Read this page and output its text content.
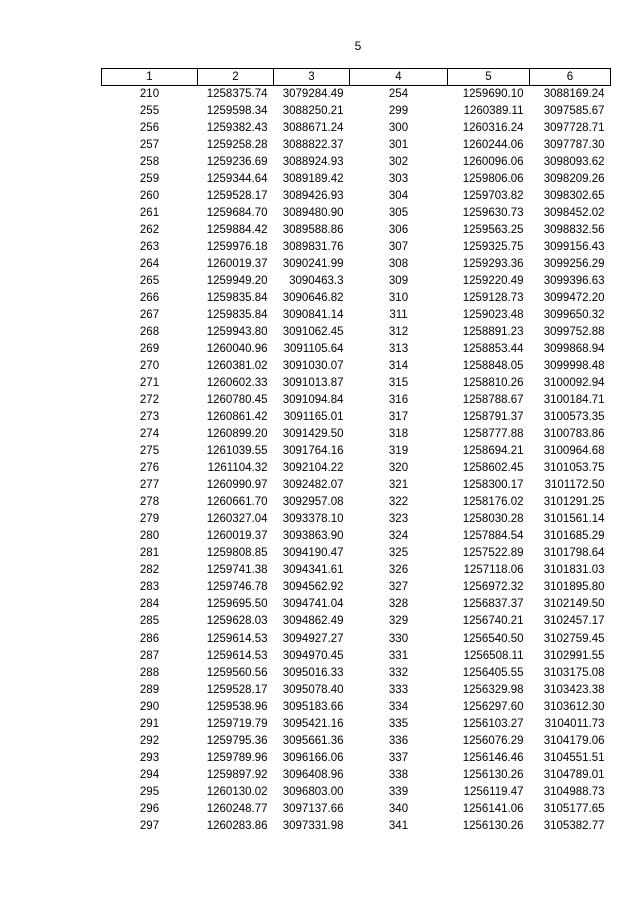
5
1	2	3	4	5	6
210	1258375.74	3079284.49	254	1259690.10	3088169.24
255	1259598.34	3088250.21	299	1260389.11	3097585.67
256	1259382.43	3088671.24	300	1260316.24	3097728.71
257	1259258.28	3088822.37	301	1260244.06	3097787.30
258	1259236.69	3088924.93	302	1260096.06	3098093.62
259	1259344.64	3089189.42	303	1259806.06	3098209.26
260	1259528.17	3089426.93	304	1259703.82	3098302.65
261	1259684.70	3089480.90	305	1259630.73	3098452.02
262	1259884.42	3089588.86	306	1259563.25	3098832.56
263	1259976.18	3089831.76	307	1259325.75	3099156.43
264	1260019.37	3090241.99	308	1259293.36	3099256.29
265	1259949.20	3090463.3	309	1259220.49	3099396.63
266	1259835.84	3090646.82	310	1259128.73	3099472.20
267	1259835.84	3090841.14	311	1259023.48	3099650.32
268	1259943.80	3091062.45	312	1258891.23	3099752.88
269	1260040.96	3091105.64	313	1258853.44	3099868.94
270	1260381.02	3091030.07	314	1258848.05	3099998.48
271	1260602.33	3091013.87	315	1258810.26	3100092.94
272	1260780.45	3091094.84	316	1258788.67	3100184.71
273	1260861.42	3091165.01	317	1258791.37	3100573.35
274	1260899.20	3091429.50	318	1258777.88	3100783.86
275	1261039.55	3091764.16	319	1258694.21	3100964.68
276	1261104.32	3092104.22	320	1258602.45	3101053.75
277	1260990.97	3092482.07	321	1258300.17	3101172.50
278	1260661.70	3092957.08	322	1258176.02	3101291.25
279	1260327.04	3093378.10	323	1258030.28	3101561.14
280	1260019.37	3093863.90	324	1257884.54	3101685.29
281	1259808.85	3094190.47	325	1257522.89	3101798.64
282	1259741.38	3094341.61	326	1257118.06	3101831.03
283	1259746.78	3094562.92	327	1256972.32	3101895.80
284	1259695.50	3094741.04	328	1256837.37	3102149.50
285	1259628.03	3094862.49	329	1256740.21	3102457.17
286	1259614.53	3094927.27	330	1256540.50	3102759.45
287	1259614.53	3094970.45	331	1256508.11	3102991.55
288	1259560.56	3095016.33	332	1256405.55	3103175.08
289	1259528.17	3095078.40	333	1256329.98	3103423.38
290	1259538.96	3095183.66	334	1256297.60	3103612.30
291	1259719.79	3095421.16	335	1256103.27	3104011.73
292	1259795.36	3095661.36	336	1256076.29	3104179.06
293	1259789.96	3096166.06	337	1256146.46	3104551.51
294	1259897.92	3096408.96	338	1256130.26	3104789.01
295	1260130.02	3096803.00	339	1256119.47	3104988.73
296	1260248.77	3097137.66	340	1256141.06	3105177.65
297	1260283.86	3097331.98	341	1256130.26	3105382.77
